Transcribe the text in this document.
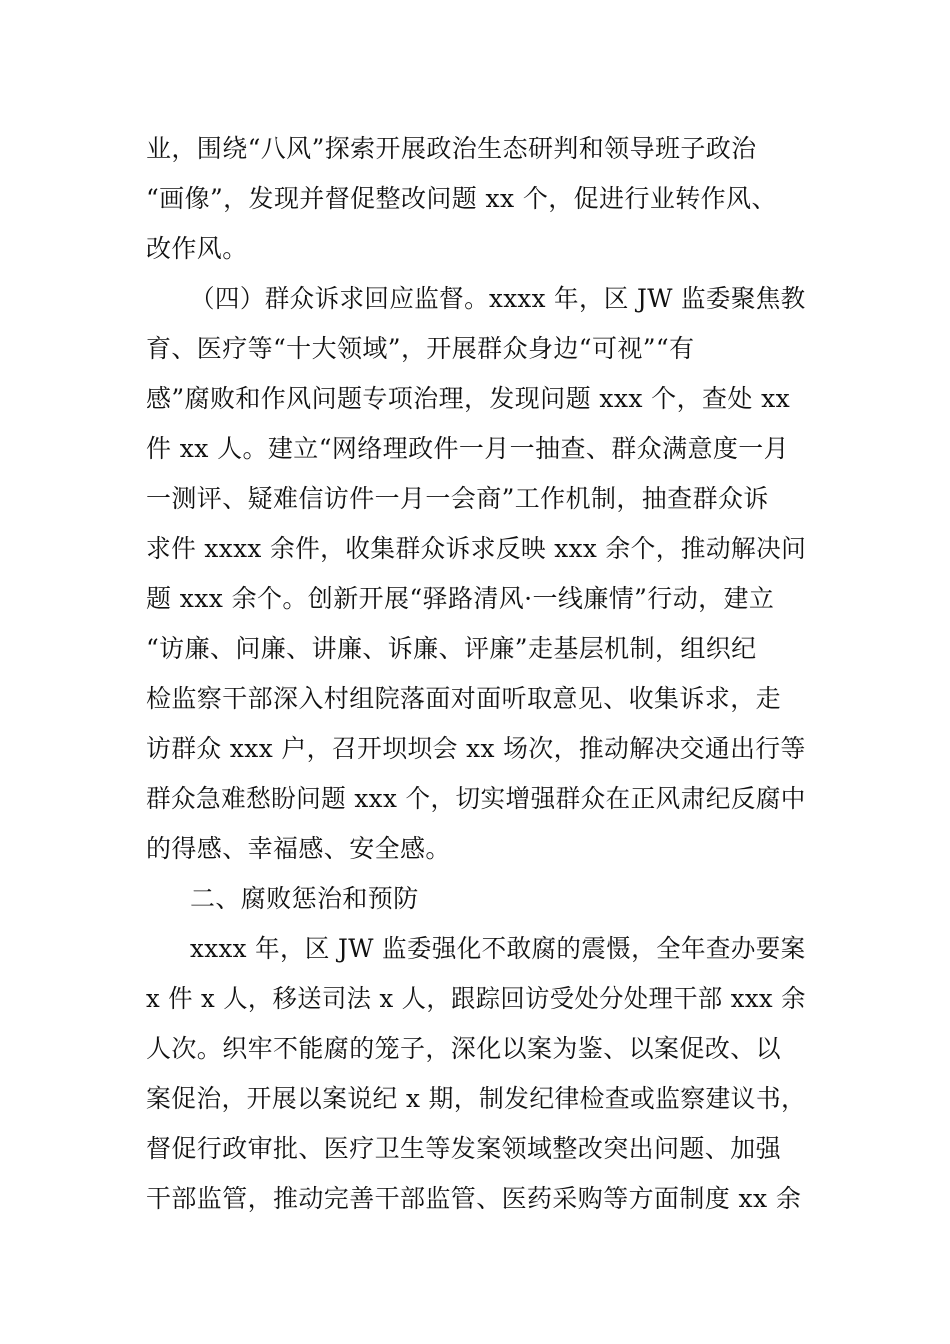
业，围绕“八风”探索开展政治生态研判和领导班子政治
“画像”，发现并督促整改问题 xx 个，促进行业转作风、
改作风。
（四）群众诉求回应监督。xxxx 年，区 JW 监委聚焦教
育、医疗等“十大领域”，开展群众身边“可视”“有
感”腐败和作风问题专项治理，发现问题 xxx 个，查处 xx
件 xx 人。建立“网络理政件一月一抽查、群众满意度一月
一测评、疑难信访件一月一会商”工作机制，抽查群众诉
求件 xxxx 余件，收集群众诉求反映 xxx 余个，推动解决问
题 xxx 余个。创新开展“驿路清风·一线廉情”行动，建立
“访廉、问廉、讲廉、诉廉、评廉”走基层机制，组织纪
检监察干部深入村组院落面对面听取意见、收集诉求，走
访群众 xxx 户，召开坝坝会 xx 场次，推动解决交通出行等
群众急难愁盼问题 xxx 个，切实增强群众在正风肃纪反腐中
的得感、幸福感、安全感。
二、腐败惩治和预防
xxxx 年，区 JW 监委强化不敢腐的震慑，全年查办要案
x 件 x 人，移送司法 x 人，跟踪回访受处分处理干部 xxx 余
人次。织牢不能腐的笼子，深化以案为鉴、以案促改、以
案促治，开展以案说纪 x 期，制发纪律检查或监察建议书，
督促行政审批、医疗卫生等发案领域整改突出问题、加强
干部监管，推动完善干部监管、医药采购等方面制度 xx 余
